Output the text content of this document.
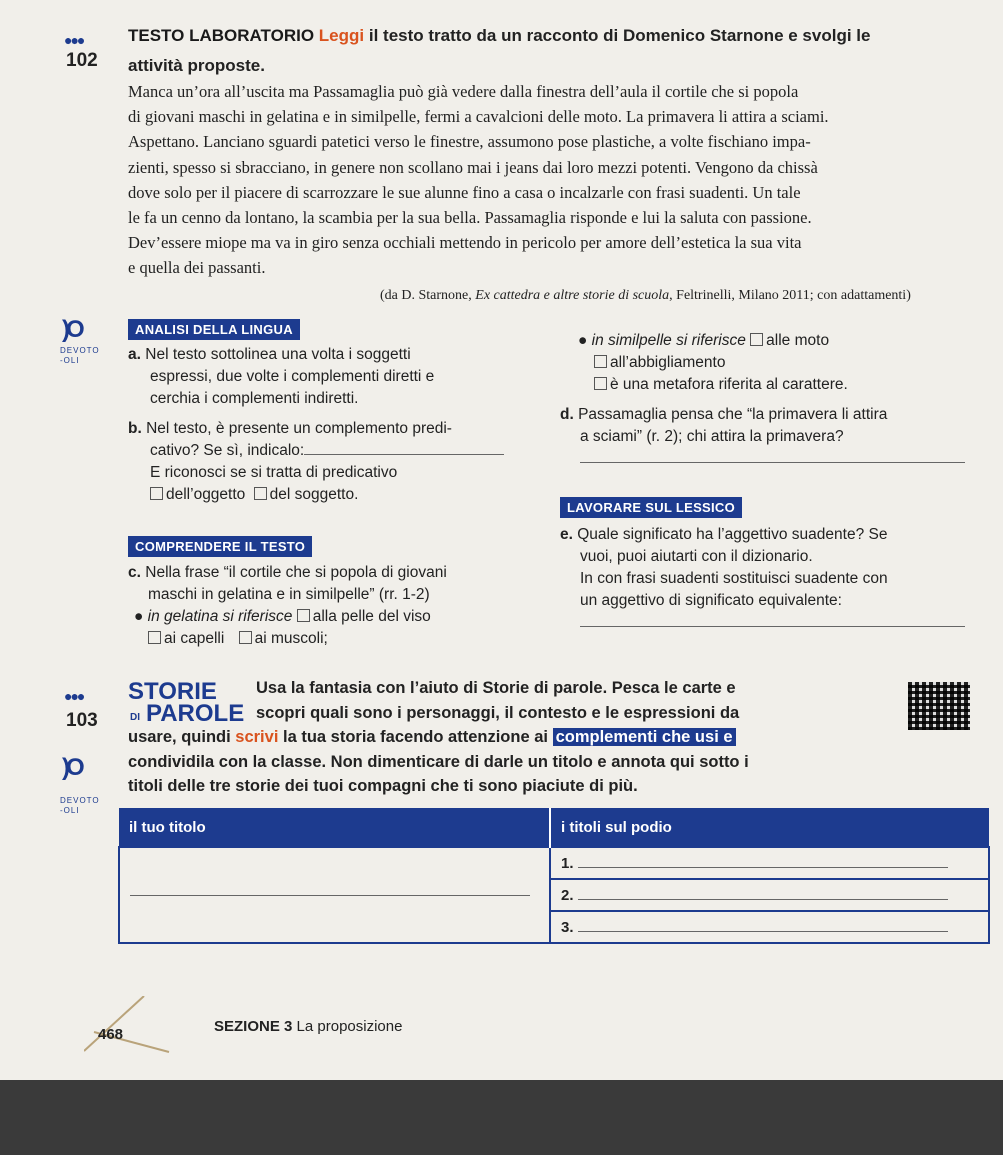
●●●
102
TESTO LABORATORIO Leggi il testo tratto da un racconto di Domenico Starnone e svolgi le
attività proposte.
Manca un’ora all’uscita ma Passamaglia può già vedere dalla finestra dell’aula il cortile che si popola
di giovani maschi in gelatina e in similpelle, fermi a cavalcioni delle moto. La primavera li attira a sciami.
Aspettano. Lanciano sguardi patetici verso le finestre, assumono pose plastiche, a volte fischiano impa-
zienti, spesso si sbracciano, in genere non scollano mai i jeans dai loro mezzi potenti. Vengono da chissà
dove solo per il piacere di scarrozzare le sue alunne fino a casa o incalzarle con frasi suadenti. Un tale
le fa un cenno da lontano, la scambia per la sua bella. Passamaglia risponde e lui la saluta con passione.
Dev’essere miope ma va in giro senza occhiali mettendo in pericolo per amore dell’estetica la sua vita
e quella dei passanti.
(da D. Starnone, Ex cattedra e altre storie di scuola, Feltrinelli, Milano 2011; con adattamenti)
)O
DEVOTO
-OLI
ANALISI DELLA LINGUA
a. Nel testo sottolinea una volta i soggetti
espressi, due volte i complementi diretti e
cerchia i complementi indiretti.
b. Nel testo, è presente un complemento predi-
cativo? Se sì, indicalo:
E riconosci se si tratta di predicativo
dell’oggetto del soggetto.
● in similpelle si riferisce alle moto
all’abbigliamento
è una metafora riferita al carattere.
d. Passamaglia pensa che “la primavera li attira
a sciami” (r. 2); chi attira la primavera?
LAVORARE SUL LESSICO
e. Quale significato ha l’aggettivo suadente? Se
vuoi, puoi aiutarti con il dizionario.
In con frasi suadenti sostituisci suadente con
un aggettivo di significato equivalente:
COMPRENDERE IL TESTO
c. Nella frase “il cortile che si popola di giovani
maschi in gelatina e in similpelle” (rr. 1-2)
● in gelatina si riferisce alla pelle del viso
ai capelli ai muscoli;
●●●
103
STORIE
DI PAROLE
Usa la fantasia con l’aiuto di Storie di parole. Pesca le carte e
scopri quali sono i personaggi, il contesto e le espressioni da
usare, quindi scrivi la tua storia facendo attenzione ai complementi che usi e
condividila con la classe. Non dimenticare di darle un titolo e annota qui sotto i
titoli delle tre storie dei tuoi compagni che ti sono piaciute di più.
)O
DEVOTO
-OLI
il tuo titolo	i titoli sul podio

	1.
	2.
	3.
468	SEZIONE 3 La proposizione
